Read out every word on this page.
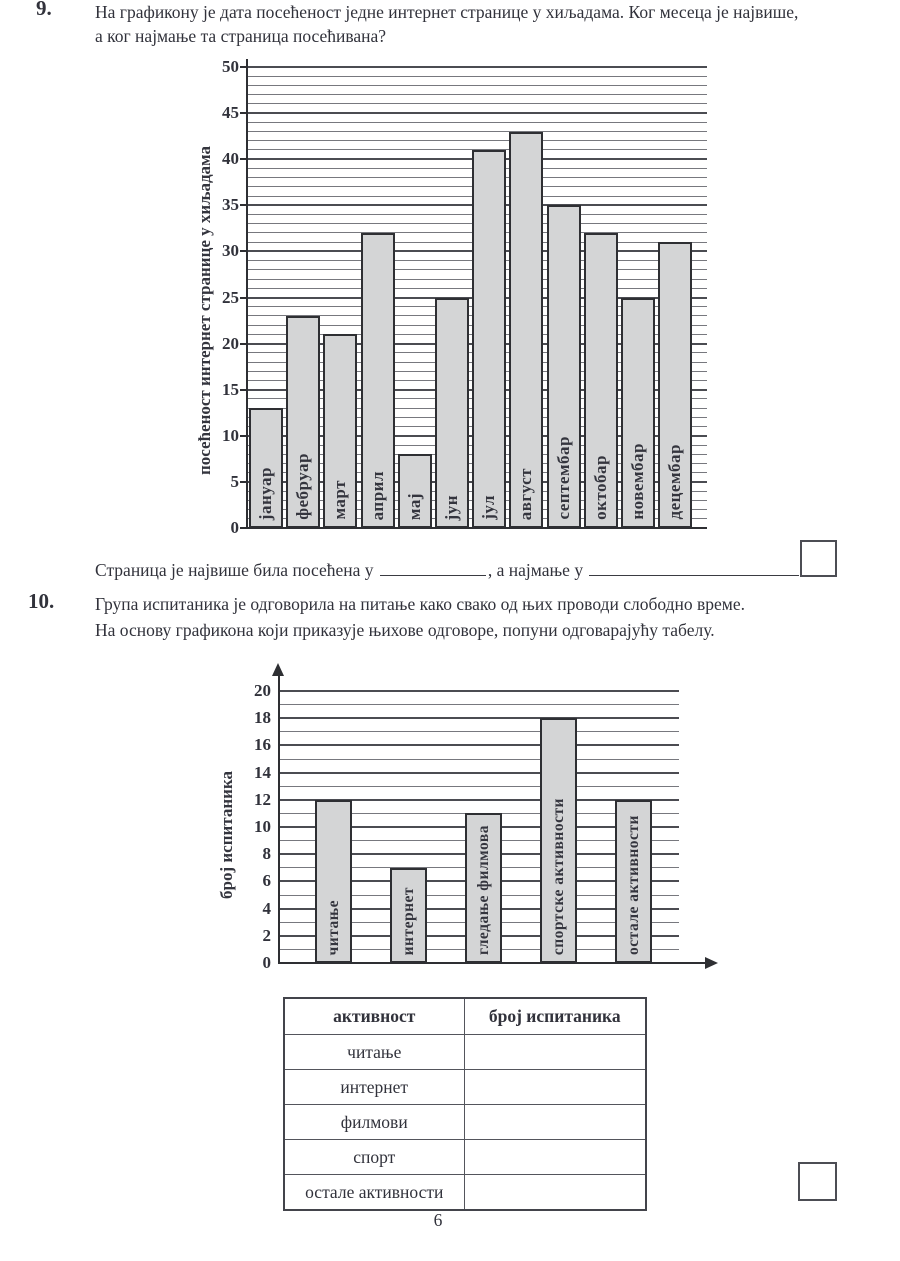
9. На графикону је дата посећеност једне интернет странице у хиљадама. Ког месеца је највише, а ког најмање та страница посећивана?
0
5
10
15
20
25
30
35
40
45
50
јануар фебруар март април мај јун јул август септембар октобар новембар децембар
посећеност интернет странице у хиљадама
Страница је највише била посећена у	, а најмање у
10. Група испитаника је одговорила на питање како свако од њих проводи слободно време.
На основу графикона који приказује њихове одговоре, попуни одговарајућу табелу.
0
2
4
6
8
10
12
14
16
18
20
читање	интернет	гледање филмова	спортске активности	остале активности
број испитаника
активност	број испитаника
читање	
интернет	
филмови	
спорт	
остале активности	
6
